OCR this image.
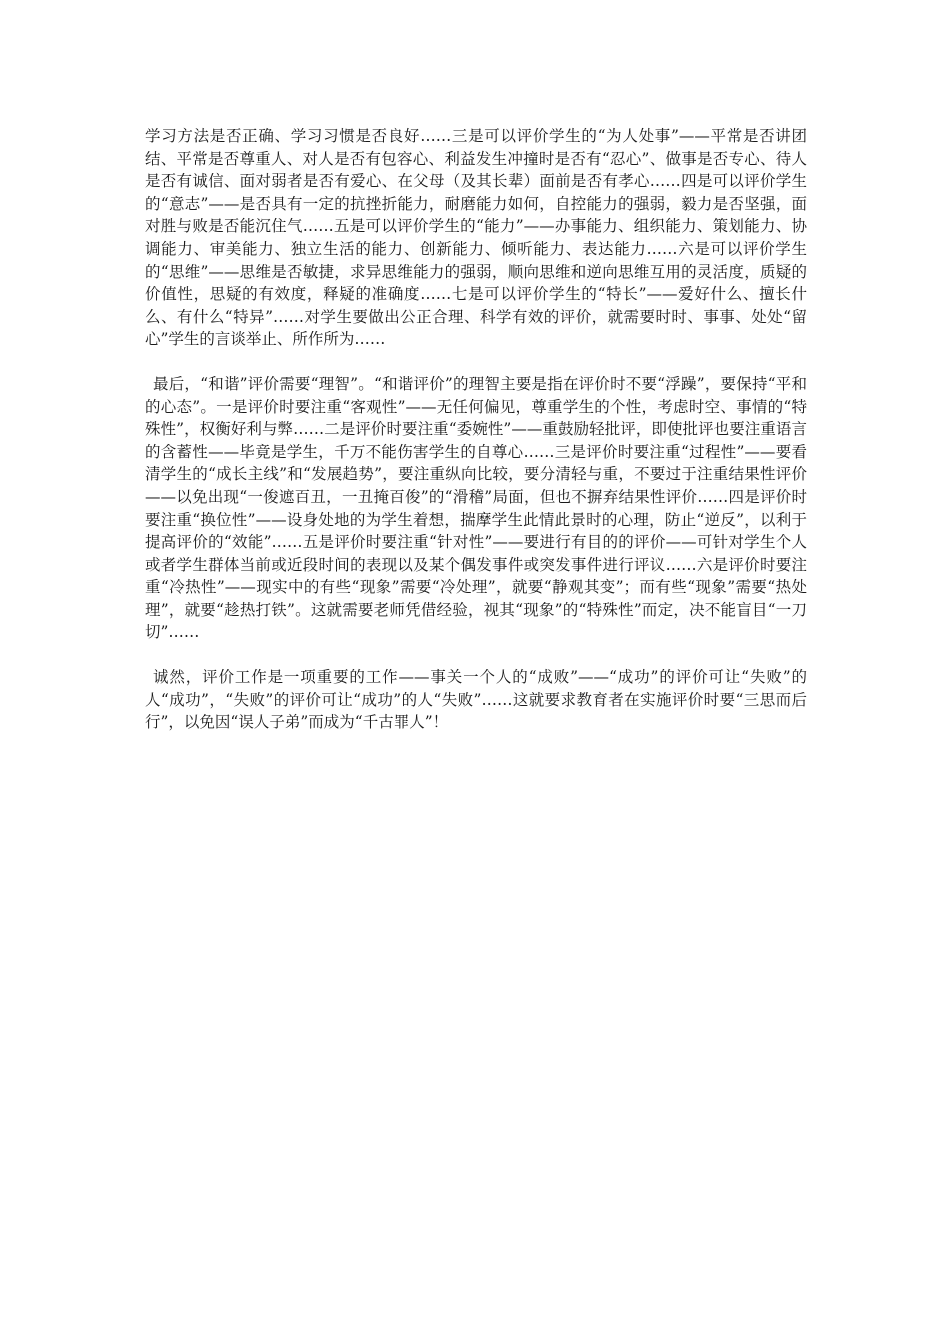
学习方法是否正确、学习习惯是否良好……三是可以评价学生的“为人处事”——平常是否讲团结、平常是否尊重人、对人是否有包容心、利益发生冲撞时是否有“忍心”、做事是否专心、待人是否有诚信、面对弱者是否有爱心、在父母（及其长辈）面前是否有孝心……四是可以评价学生的“意志”——是否具有一定的抗挫折能力，耐磨能力如何，自控能力的强弱，毅力是否坚强，面对胜与败是否能沉住气……五是可以评价学生的“能力”——办事能力、组织能力、策划能力、协调能力、审美能力、独立生活的能力、创新能力、倾听能力、表达能力……六是可以评价学生的“思维”——思维是否敏捷，求异思维能力的强弱，顺向思维和逆向思维互用的灵活度，质疑的价值性，思疑的有效度，释疑的准确度……七是可以评价学生的“特长”——爱好什么、擅长什么、有什么“特异”……对学生要做出公正合理、科学有效的评价，就需要时时、事事、处处“留心”学生的言谈举止、所作所为……

最后，“和谐”评价需要“理智”。“和谐评价”的理智主要是指在评价时不要“浮躁”，要保持“平和的心态”。一是评价时要注重“客观性”——无任何偏见，尊重学生的个性，考虑时空、事情的“特殊性”，权衡好利与弊……二是评价时要注重“委婉性”——重鼓励轻批评，即使批评也要注重语言的含蓄性——毕竟是学生，千万不能伤害学生的自尊心……三是评价时要注重“过程性”——要看清学生的“成长主线”和“发展趋势”，要注重纵向比较，要分清轻与重，不要过于注重结果性评价——以免出现“一俊遮百丑，一丑掩百俊”的“滑稽”局面，但也不摒弃结果性评价……四是评价时要注重“换位性”——设身处地的为学生着想，揣摩学生此情此景时的心理，防止“逆反”，以利于提高评价的“效能”……五是评价时要注重“针对性”——要进行有目的的评价——可针对学生个人或者学生群体当前或近段时间的表现以及某个偶发事件或突发事件进行评议……六是评价时要注重“冷热性”——现实中的有些“现象”需要“冷处理”，就要“静观其变”；而有些“现象”需要“热处理”，就要“趁热打铁”。这就需要老师凭借经验，视其“现象”的“特殊性”而定，决不能盲目“一刀切”……

诚然，评价工作是一项重要的工作——事关一个人的“成败”——“成功”的评价可让“失败”的人“成功”，“失败”的评价可让“成功”的人“失败”……这就要求教育者在实施评价时要“三思而后行”，以免因“误人子弟”而成为“千古罪人”！
